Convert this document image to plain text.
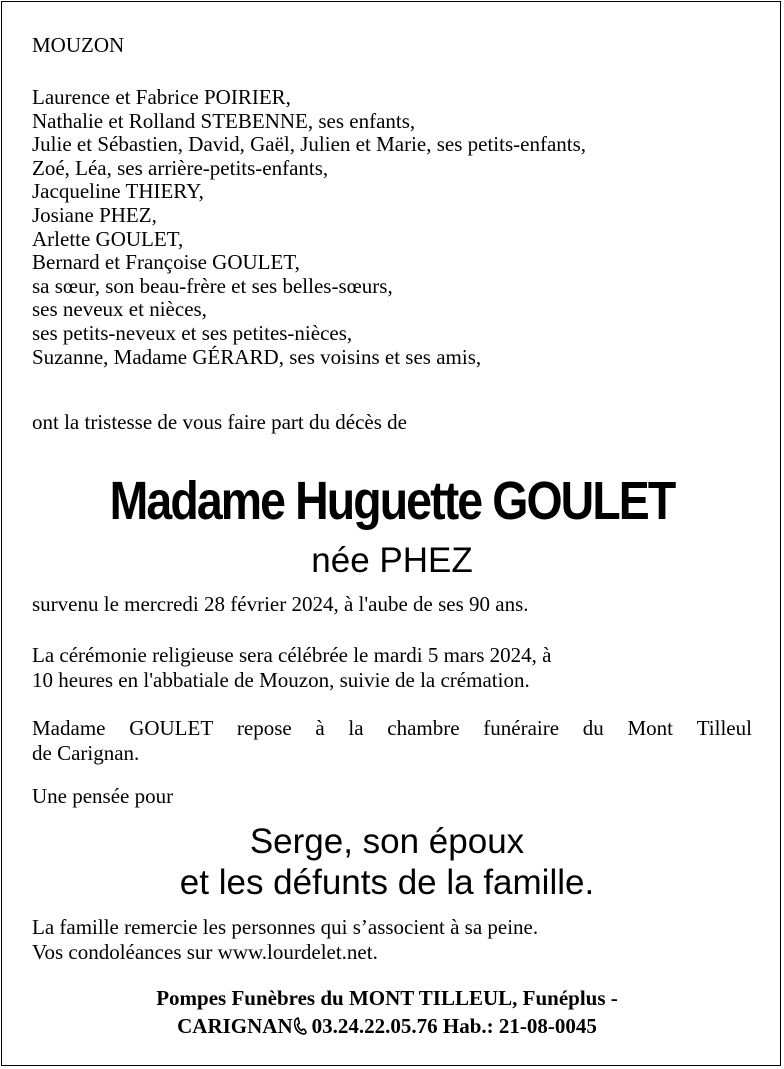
MOUZON
Laurence et Fabrice POIRIER,
Nathalie et Rolland STEBENNE, ses enfants,
Julie et Sébastien, David, Gaël, Julien et Marie, ses petits-enfants,
Zoé, Léa, ses arrière-petits-enfants,
Jacqueline THIERY,
Josiane PHEZ,
Arlette GOULET,
Bernard et Françoise GOULET,
sa sœur, son beau-frère et ses belles-sœurs,
ses neveux et nièces,
ses petits-neveux et ses petites-nièces,
Suzanne, Madame GÉRARD, ses voisins et ses amis,
ont la tristesse de vous faire part du décès de
Madame Huguette GOULET
née PHEZ
survenu le mercredi 28 février 2024, à l'aube de ses 90 ans.
La cérémonie religieuse sera célébrée le mardi 5 mars 2024, à
10 heures en l'abbatiale de Mouzon, suivie de la crémation.
Madame GOULET repose à la chambre funéraire du Mont Tilleul
de Carignan.
Une pensée pour
Serge, son époux
et les défunts de la famille.
La famille remercie les personnes qui s’associent à sa peine.
Vos condoléances sur www.lourdelet.net.
Pompes Funèbres du MONT TILLEUL, Funéplus -
CARIGNAN 03.24.22.05.76 Hab.: 21-08-0045
